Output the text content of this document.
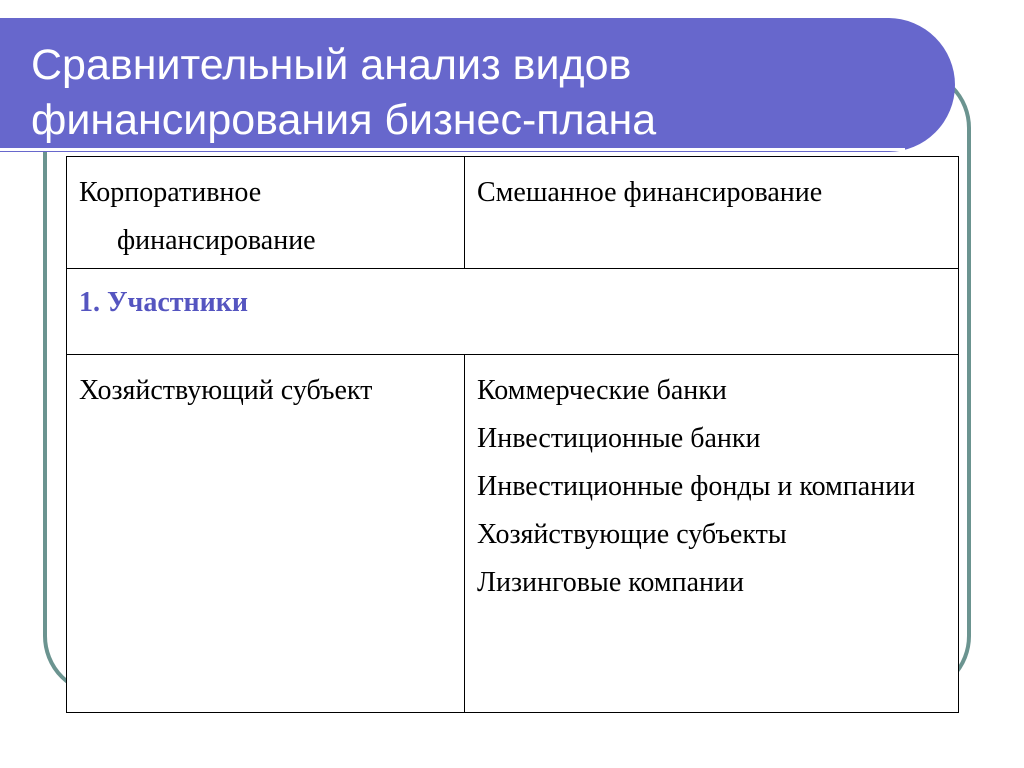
Сравнительный анализ видов
финансирования бизнес-плана
Корпоративное финансирование	Смешанное финансирование

1. Участники	

Хозяйствующий субъект	Коммерческие банки
Инвестиционные банки
Инвестиционные фонды и компании
Хозяйствующие субъекты
Лизинговые компании
